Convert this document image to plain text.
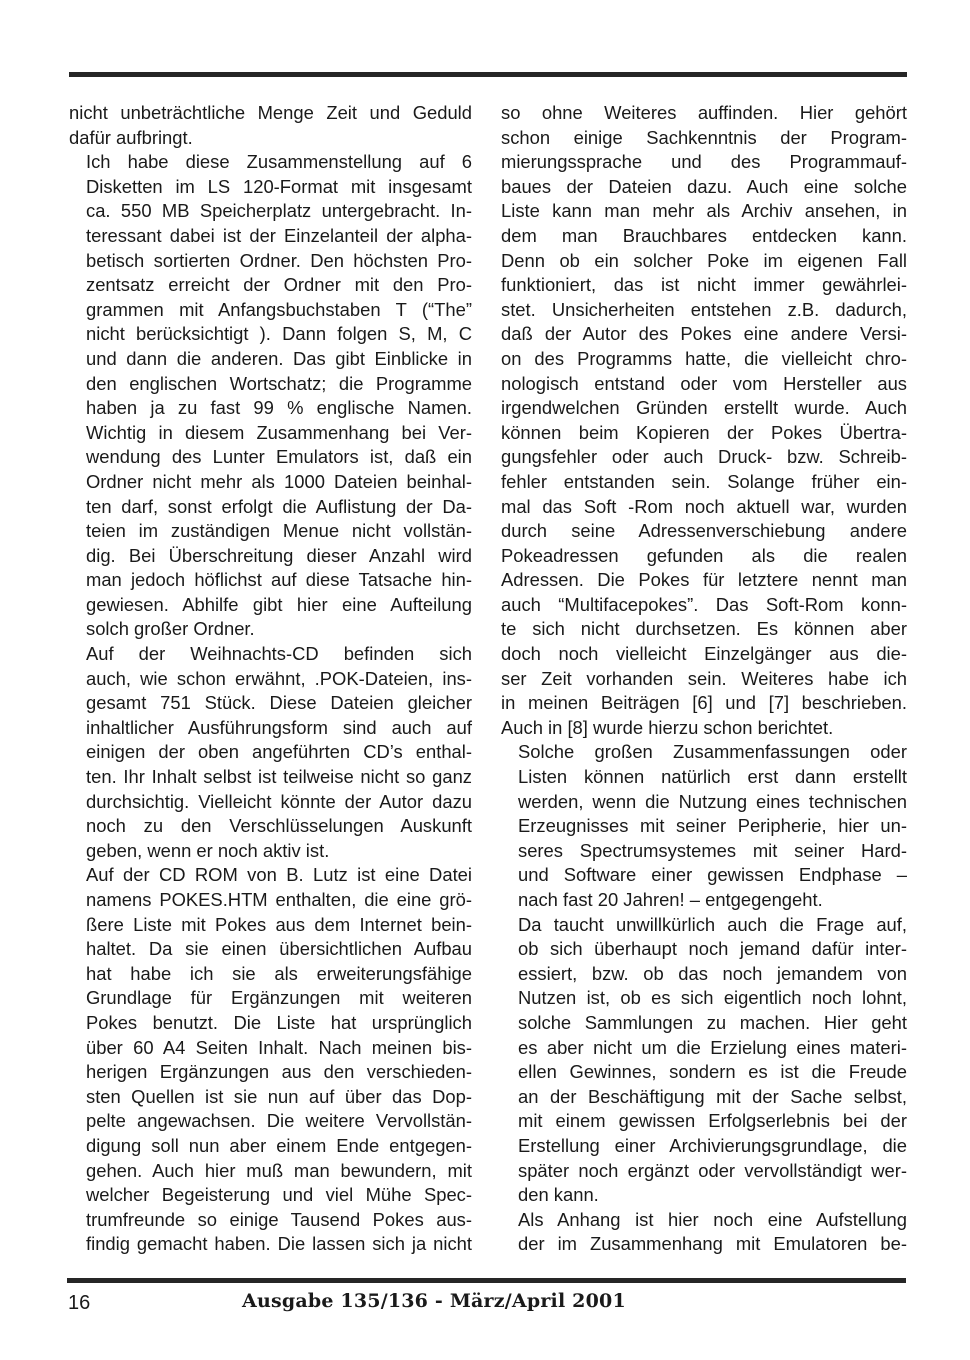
nicht unbeträchtliche Menge Zeit und Geduld
dafür aufbringt.
Ich habe diese Zusammenstellung auf 6
Disketten im LS 120-Format mit insgesamt
ca. 550 MB Speicherplatz untergebracht. In-
teressant dabei ist der Einzelanteil der alpha-
betisch sortierten Ordner. Den höchsten Pro-
zentsatz erreicht der Ordner mit den Pro-
grammen mit Anfangsbuchstaben T (“The”
nicht berücksichtigt ). Dann folgen S, M, C
und dann die anderen. Das gibt Einblicke in
den englischen Wortschatz; die Programme
haben ja zu fast 99 % englische Namen.
Wichtig in diesem Zusammenhang bei Ver-
wendung des Lunter Emulators ist, daß ein
Ordner nicht mehr als 1000 Dateien beinhal-
ten darf, sonst erfolgt die Auflistung der Da-
teien im zuständigen Menue nicht vollstän-
dig. Bei Überschreitung dieser Anzahl wird
man jedoch höflichst auf diese Tatsache hin-
gewiesen. Abhilfe gibt hier eine Aufteilung
solch großer Ordner.
Auf der Weihnachts-CD befinden sich
auch, wie schon erwähnt, .POK-Dateien, ins-
gesamt 751 Stück. Diese Dateien gleicher
inhaltlicher Ausführungsform sind auch auf
einigen der oben angeführten CD’s enthal-
ten. Ihr Inhalt selbst ist teilweise nicht so ganz
durchsichtig. Vielleicht könnte der Autor dazu
noch zu den Verschlüsselungen Auskunft
geben, wenn er noch aktiv ist.
Auf der CD ROM von B. Lutz ist eine Datei
namens POKES.HTM enthalten, die eine grö-
ßere Liste mit Pokes aus dem Internet bein-
haltet. Da sie einen übersichtlichen Aufbau
hat habe ich sie als erweiterungsfähige
Grundlage für Ergänzungen mit weiteren
Pokes benutzt. Die Liste hat ursprünglich
über 60 A4 Seiten Inhalt. Nach meinen bis-
herigen Ergänzungen aus den verschieden-
sten Quellen ist sie nun auf über das Dop-
pelte angewachsen. Die weitere Vervollstän-
digung soll nun aber einem Ende entgegen-
gehen. Auch hier muß man bewundern, mit
welcher Begeisterung und viel Mühe Spec-
trumfreunde so einige Tausend Pokes aus-
findig gemacht haben. Die lassen sich ja nicht
so ohne Weiteres auffinden. Hier gehört
schon einige Sachkenntnis der Program-
mierungssprache und des Programmauf-
baues der Dateien dazu. Auch eine solche
Liste kann man mehr als Archiv ansehen, in
dem man Brauchbares entdecken kann.
Denn ob ein solcher Poke im eigenen Fall
funktioniert, das ist nicht immer gewährlei-
stet. Unsicherheiten entstehen z.B. dadurch,
daß der Autor des Pokes eine andere Versi-
on des Programms hatte, die vielleicht chro-
nologisch entstand oder vom Hersteller aus
irgendwelchen Gründen erstellt wurde. Auch
können beim Kopieren der Pokes Übertra-
gungsfehler oder auch Druck- bzw. Schreib-
fehler entstanden sein. Solange früher ein-
mal das Soft -Rom noch aktuell war, wurden
durch seine Adressenverschiebung andere
Pokeadressen gefunden als die realen
Adressen. Die Pokes für letztere nennt man
auch “Multifacepokes”. Das Soft-Rom konn-
te sich nicht durchsetzen. Es können aber
doch noch vielleicht Einzelgänger aus die-
ser Zeit vorhanden sein. Weiteres habe ich
in meinen Beiträgen [6] und [7] beschrieben.
Auch in [8] wurde hierzu schon berichtet.
Solche großen Zusammenfassungen oder
Listen können natürlich erst dann erstellt
werden, wenn die Nutzung eines technischen
Erzeugnisses mit seiner Peripherie, hier un-
seres Spectrumsystemes mit seiner Hard-
und Software einer gewissen Endphase –
nach fast 20 Jahren! – entgegengeht.
Da taucht unwillkürlich auch die Frage auf,
ob sich überhaupt noch jemand dafür inter-
essiert, bzw. ob das noch jemandem von
Nutzen ist, ob es sich eigentlich noch lohnt,
solche Sammlungen zu machen. Hier geht
es aber nicht um die Erzielung eines materi-
ellen Gewinnes, sondern es ist die Freude
an der Beschäftigung mit der Sache selbst,
mit einem gewissen Erfolgserlebnis bei der
Erstellung einer Archivierungsgrundlage, die
später noch ergänzt oder vervollständigt wer-
den kann.
Als Anhang ist hier noch eine Aufstellung
der im Zusammenhang mit Emulatoren be-
16	Ausgabe 135/136 - März/April 2001
